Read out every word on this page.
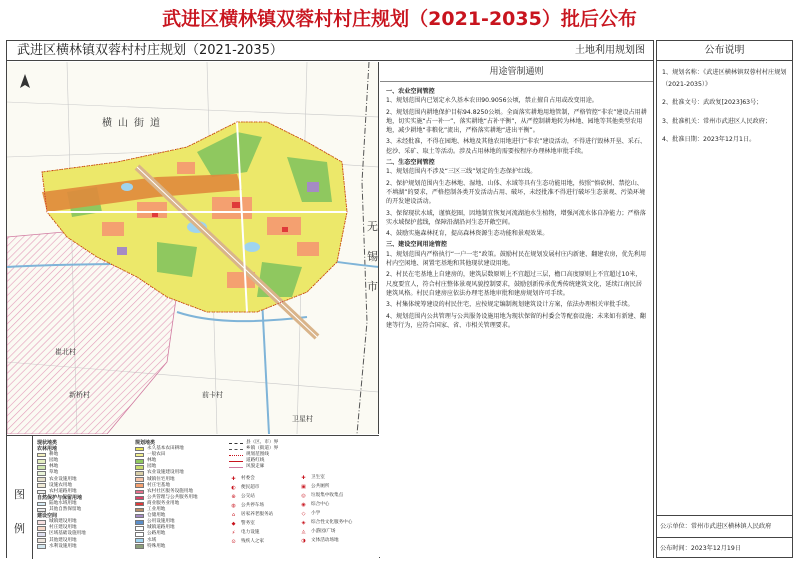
武进区横林镇双蓉村村庄规划（2021-2035）批后公布
武进区横林镇双蓉村村庄规划（2021-2035）	土地利用规划图
横山街道
无锡市
崔北村
新桥村	前卡村
卫星村
图例
现状地类
农林用地
耕地
园地
林地
草地
农业设施用地
设施农用地
农村道路用地
自然保护与保留用地
陆地水域用地
其他自然保留地
建设空间
城镇建设用地
村庄建设用地
区域基础设施用地
其他建设用地
水利设施用地
规划地类
永久基本农田耕地
一般农田
林地
园地
农业设施建设用地
城镇住宅用地
村庄宅基地
农村社区服务设施用地
公共管理与公共服务用地
商业服务业用地
工业用地
仓储用地
公用设施用地
城镇道路用地
公路用地
水域
特殊用地
县（区、市）界
乡镇（街道）界
规划范围线
道路红线
风貌走廊
✚	村委会
◐	便民超市
⊕	公交站
◍	公共停车场
⌂	居家养老服务站
◆	警务室
⚡	电力设施
⊙	残疾人之家
✚	卫生室
▣	公共厕所
◎	垃圾集中收集点
◉	综合中心
◇	小学
◈	综合性文化服务中心
◬	小游园/广场
◑	文体活动场地
用途管制通则
一、农业空间管控
1、规划范围内已划定永久基本农田90.9056公顷，禁止擅自占用或改变用途。
2、规划范围内耕地保护目标94.8250公顷。全面落实耕地用地管制，严格管控“非农”建设占用耕地，切实实施“占一补一”，落实耕地“占补平衡”，从严控制耕地转为林地、园地等其他类型农用地，减少耕地“非粮化”流出，严格落实耕地“进出平衡”。
3、未经批准，不得在园地、林地及其他农用地进行“非农”建设活动，不得进行毁林开垦、采石、挖沙、采矿、取土等活动。涉及占用林地的需要按程序办理林地审批手续。
二、生态空间管控
1、规划范围内不涉及“三区三线”划定的生态保护红线。
2、保护规划范围内生态林地、湿地、山体、水域等具有生态功能用地，按照“慎砍树、禁挖山、不填湖”的要求，严格控制各类开发活动占用、破坏，未经批准不得进行破坏生态景观、污染环境的开发建设活动。
3、保留现状水域，谨慎挖圈，因地制宜恢复河流湖池水生植物，增强河流水体自净能力；严格落实水域保护蓝线，保障沿湖沿河生态开敞空间。
4、鼓励实施森林抚育，提高森林资源生态功能和景观效果。
三、建设空间用途管控
1、规划范围内严格执行“一户一宅”政策。鼓励村民在规划发展村庄内新建、翻建农房，优先利用村内空闲地、闲置宅基地和其他现状建设用地。
2、村民在宅基地上自建房的，建筑层数原则上不宜超过三层，檐口高度原则上不宜超过10米，尺度要宜人，符合村庄整体景观风貌控制要求，鼓励创新传承优秀传统建筑文化，延续江南民居建筑风格。村民自建房应依法办理宅基地审批和建房规划许可手续。
3、村集体统筹建设的村民住宅，应按规定编制规划建筑设计方案，依法办理相关审批手续。
4、规划范围内公共管理与公共服务设施用地为现状保留的村委会等配套设施；未来如有新建、翻建等行为，应符合国家、省、市相关管理要求。
公布说明
1、规划名称：《武进区横林镇双蓉村村庄规划（2021-2035）》
2、批准文号：武政复[2023]63号；
3、批准机关：常州市武进区人民政府；
4、批准日期：2023年12月1日。
公示单位：常州市武进区横林镇人民政府
公布时间：2023年12月19日
